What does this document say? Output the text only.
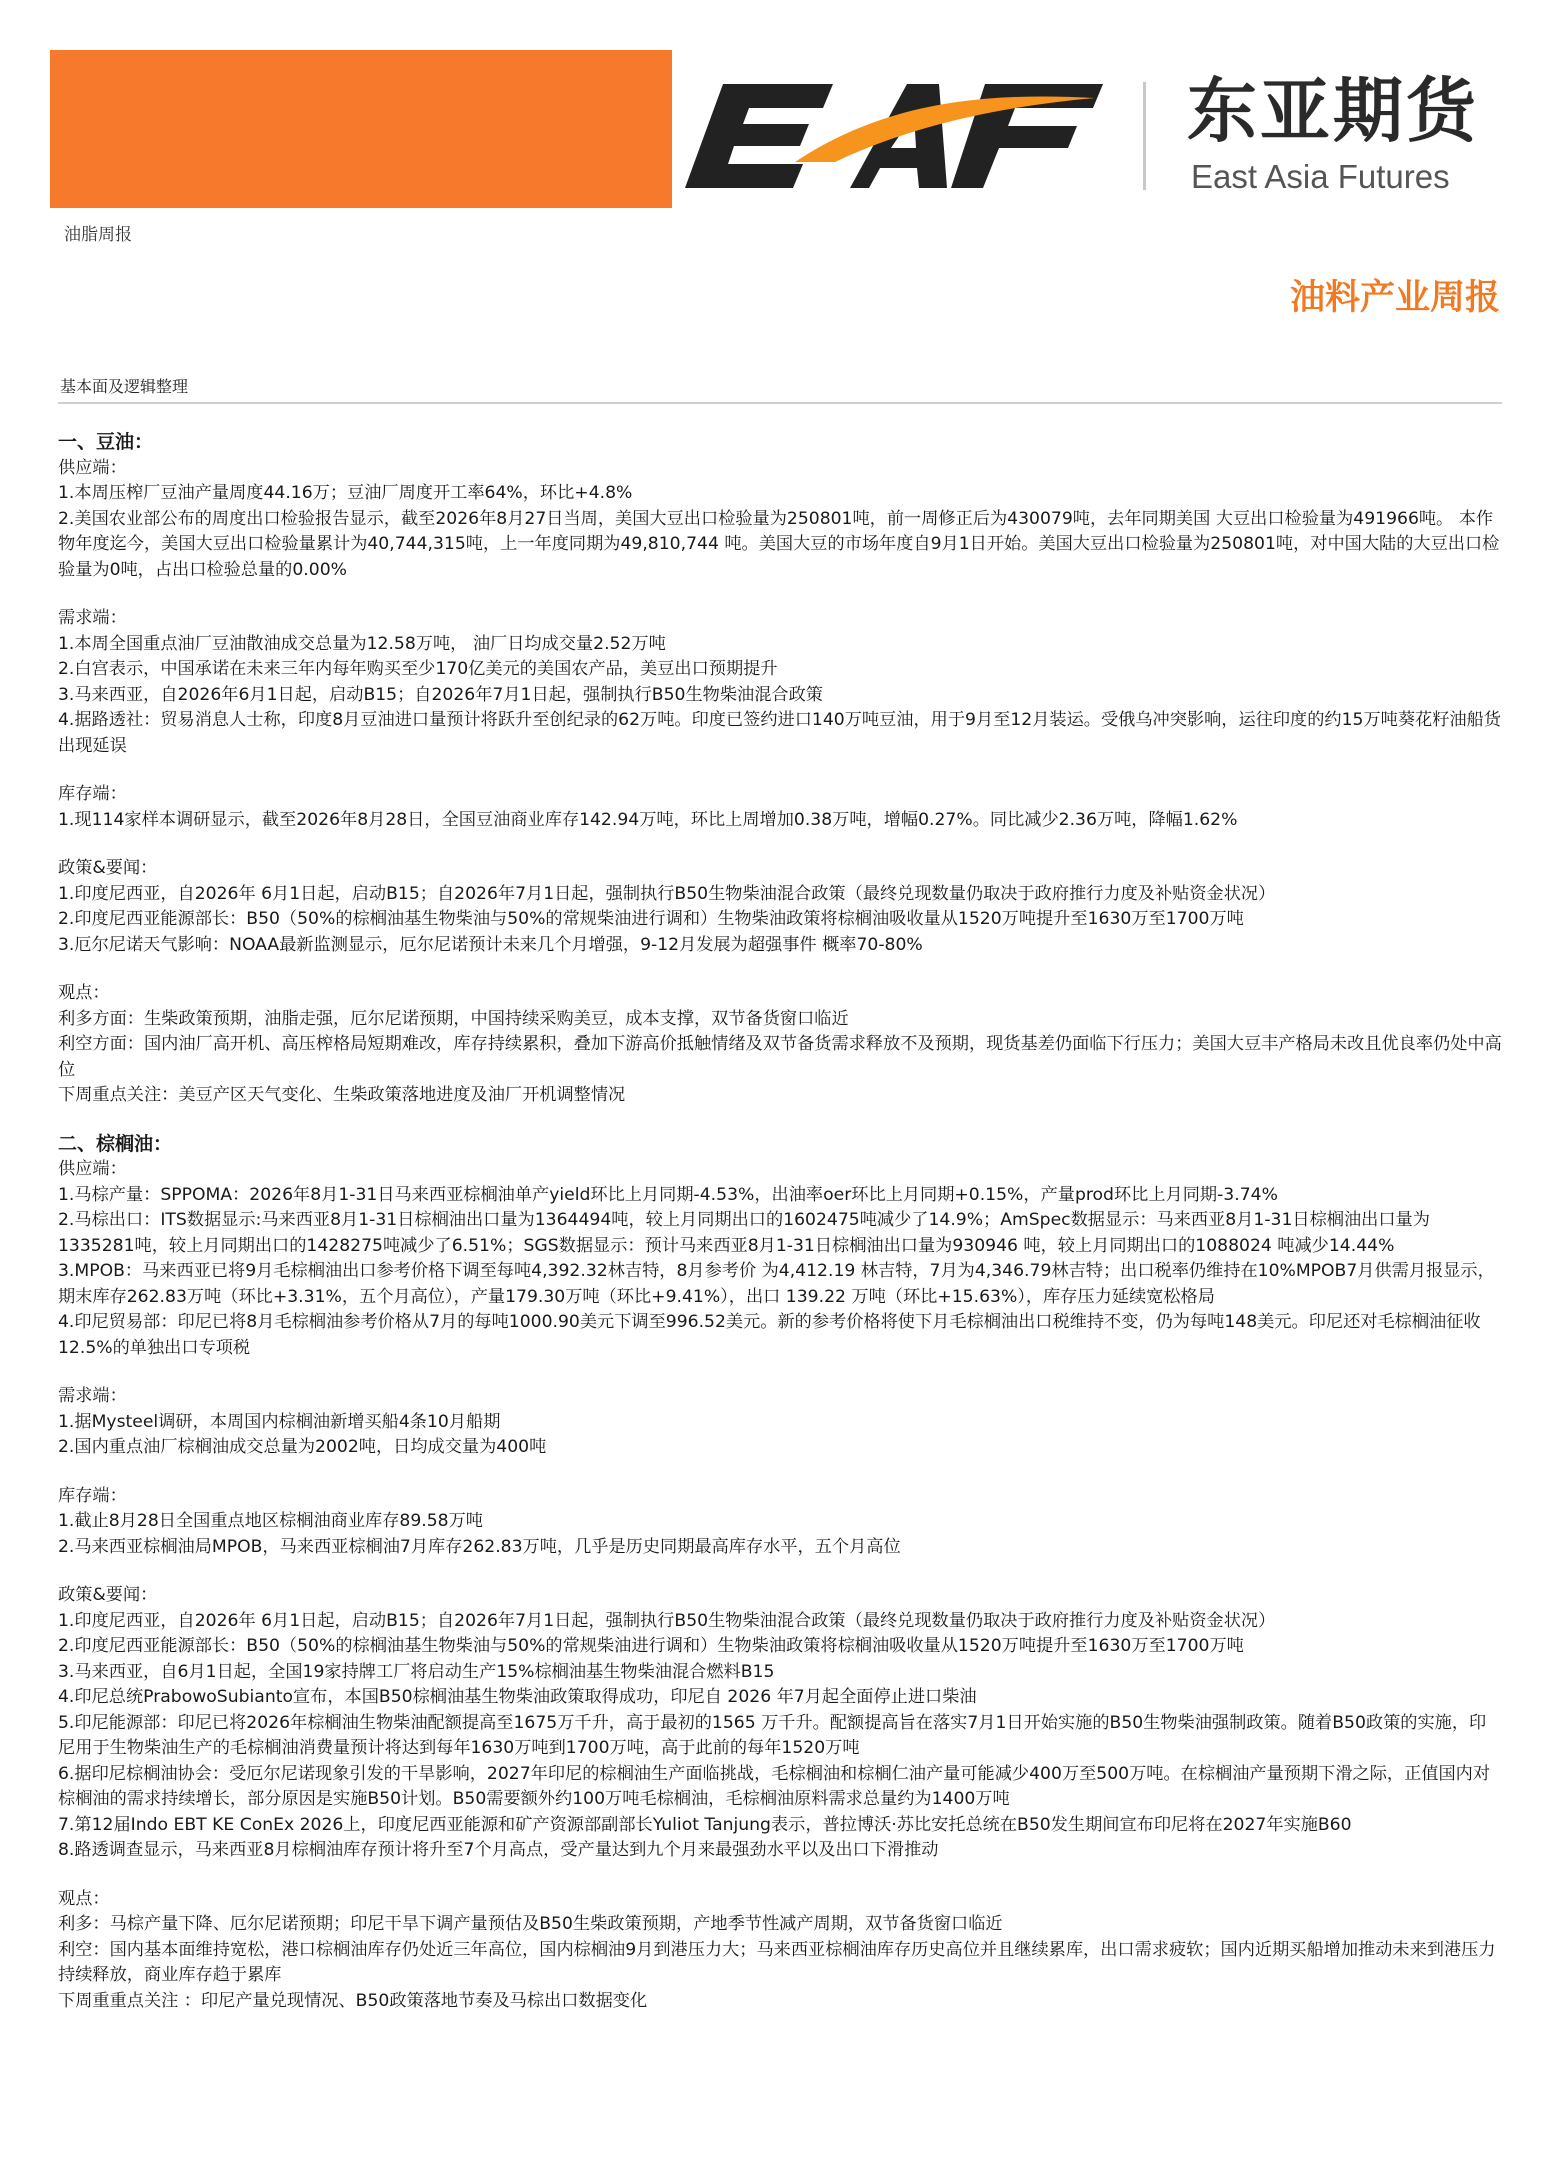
东亚期货
East Asia Futures
油脂周报
油料产业周报
基本面及逻辑整理
一、豆油：
供应端：
1.本周压榨厂豆油产量周度44.16万；豆油厂周度开工率64%，环比+4.8%
2.美国农业部公布的周度出口检验报告显示，截至2026年8月27日当周，美国大豆出口检验量为250801吨，前一周修正后为430079吨，去年同期美国 大豆出口检验量为491966吨。 本作物年度迄今，美国大豆出口检验量累计为40,744,315吨，上一年度同期为49,810,744 吨。美国大豆的市场年度自9月1日开始。美国大豆出口检验量为250801吨，对中国大陆的大豆出口检验量为0吨，占出口检验总量的0.00%
需求端：
1.本周全国重点油厂豆油散油成交总量为12.58万吨， 油厂日均成交量2.52万吨
2.白宫表示，中国承诺在未来三年内每年购买至少170亿美元的美国农产品，美豆出口预期提升
3.马来西亚，自2026年6月1日起，启动B15；自2026年7月1日起，强制执行B50生物柴油混合政策
4.据路透社：贸易消息人士称，印度8月豆油进口量预计将跃升至创纪录的62万吨。印度已签约进口140万吨豆油，用于9月至12月装运。受俄乌冲突影响，运往印度的约15万吨葵花籽油船货出现延误
库存端：
1.现114家样本调研显示，截至2026年8月28日，全国豆油商业库存142.94万吨，环比上周增加0.38万吨，增幅0.27%。同比减少2.36万吨，降幅1.62%
政策&要闻：
1.印度尼西亚，自2026年 6月1日起，启动B15；自2026年7月1日起，强制执行B50生物柴油混合政策（最终兑现数量仍取决于政府推行力度及补贴资金状况）
2.印度尼西亚能源部长：B50（50%的棕榈油基生物柴油与50%的常规柴油进行调和）生物柴油政策将棕榈油吸收量从1520万吨提升至1630万至1700万吨
3.厄尔尼诺天气影响：NOAA最新监测显示，厄尔尼诺预计未来几个月增强，9-12月发展为超强事件 概率70-80%
观点：
利多方面：生柴政策预期，油脂走强，厄尔尼诺预期，中国持续采购美豆，成本支撑，双节备货窗口临近
利空方面：国内油厂高开机、高压榨格局短期难改，库存持续累积，叠加下游高价抵触情绪及双节备货需求释放不及预期，现货基差仍面临下行压力；美国大豆丰产格局未改且优良率仍处中高位
下周重点关注：美豆产区天气变化、生柴政策落地进度及油厂开机调整情况
二、棕榈油：
供应端：
1.马棕产量：SPPOMA：2026年8月1-31日马来西亚棕榈油单产yield环比上月同期-4.53%，出油率oer环比上月同期+0.15%，产量prod环比上月同期-3.74%
2.马棕出口：ITS数据显示:马来西亚8月1-31日棕榈油出口量为1364494吨，较上月同期出口的1602475吨减少了14.9%；AmSpec数据显示：马来西亚8月1-31日棕榈油出口量为1335281吨，较上月同期出口的1428275吨减少了6.51%；SGS数据显示：预计马来西亚8月1-31日棕榈油出口量为930946 吨，较上月同期出口的1088024 吨减少14.44%
3.MPOB：马来西亚已将9月毛棕榈油出口参考价格下调至每吨4,392.32林吉特，8月参考价 为4,412.19 林吉特，7月为4,346.79林吉特；出口税率仍维持在10%MPOB7月供需月报显示， 期末库存262.83万吨（环比+3.31%，五个月高位），产量179.30万吨（环比+9.41%），出口 139.22 万吨（环比+15.63%），库存压力延续宽松格局
4.印尼贸易部：印尼已将8月毛棕榈油参考价格从7月的每吨1000.90美元下调至996.52美元。新的参考价格将使下月毛棕榈油出口税维持不变，仍为每吨148美元。印尼还对毛棕榈油征收12.5%的单独出口专项税
需求端：
1.据Mysteel调研，本周国内棕榈油新增买船4条10月船期
2.国内重点油厂棕榈油成交总量为2002吨，日均成交量为400吨
库存端：
1.截止8月28日全国重点地区棕榈油商业库存89.58万吨
2.马来西亚棕榈油局MPOB，马来西亚棕榈油7月库存262.83万吨，几乎是历史同期最高库存水平，五个月高位
政策&要闻：
1.印度尼西亚，自2026年 6月1日起，启动B15；自2026年7月1日起，强制执行B50生物柴油混合政策（最终兑现数量仍取决于政府推行力度及补贴资金状况）
2.印度尼西亚能源部长：B50（50%的棕榈油基生物柴油与50%的常规柴油进行调和）生物柴油政策将棕榈油吸收量从1520万吨提升至1630万至1700万吨
3.马来西亚，自6月1日起，全国19家持牌工厂将启动生产15%棕榈油基生物柴油混合燃料B15
4.印尼总统PrabowoSubianto宣布，本国B50棕榈油基生物柴油政策取得成功，印尼自 2026 年7月起全面停止进口柴油
5.印尼能源部：印尼已将2026年棕榈油生物柴油配额提高至1675万千升，高于最初的1565 万千升。配额提高旨在落实7月1日开始实施的B50生物柴油强制政策。随着B50政策的实施，印尼用于生物柴油生产的毛棕榈油消费量预计将达到每年1630万吨到1700万吨，高于此前的每年1520万吨
6.据印尼棕榈油协会：受厄尔尼诺现象引发的干旱影响，2027年印尼的棕榈油生产面临挑战，毛棕榈油和棕榈仁油产量可能减少400万至500万吨。在棕榈油产量预期下滑之际，正值国内对棕榈油的需求持续增长，部分原因是实施B50计划。B50需要额外约100万吨毛棕榈油，毛棕榈油原料需求总量约为1400万吨
7.第12届Indo EBT KE ConEx 2026上，印度尼西亚能源和矿产资源部副部长Yuliot Tanjung表示，普拉博沃·苏比安托总统在B50发生期间宣布印尼将在2027年实施B60
8.路透调查显示，马来西亚8月棕榈油库存预计将升至7个月高点，受产量达到九个月来最强劲水平以及出口下滑推动
观点：
利多：马棕产量下降、厄尔尼诺预期；印尼干旱下调产量预估及B50生柴政策预期，产地季节性减产周期，双节备货窗口临近
利空：国内基本面维持宽松，港口棕榈油库存仍处近三年高位，国内棕榈油9月到港压力大；马来西亚棕榈油库存历史高位并且继续累库，出口需求疲软；国内近期买船增加推动未来到港压力持续释放，商业库存趋于累库
下周重重点关注 ：印尼产量兑现情况、B50政策落地节奏及马棕出口数据变化
